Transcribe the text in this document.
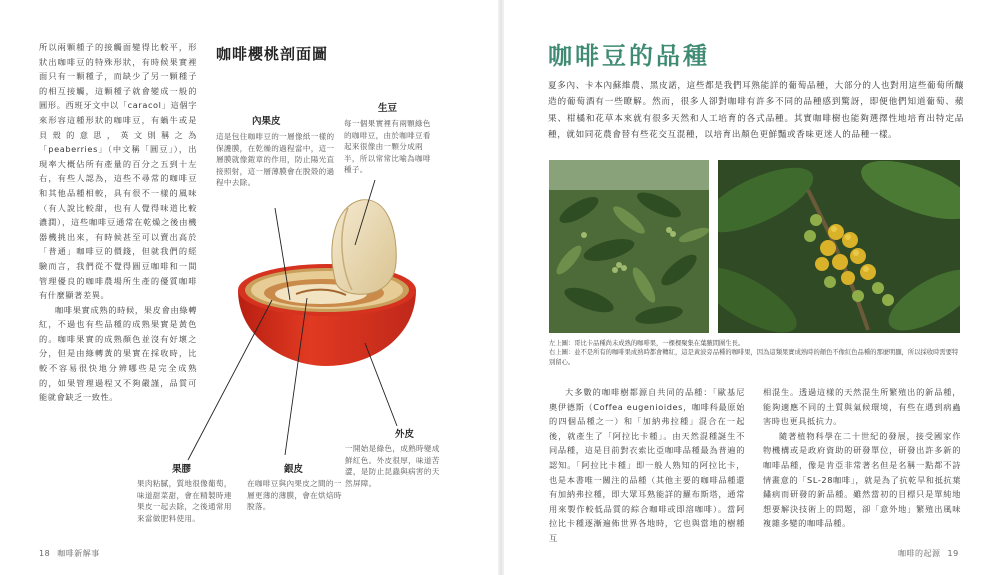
所以兩顆種子的接觸面變得比較平，形狀出咖啡豆的特殊形狀，有時候果實裡面只有一顆種子，而缺少了另一顆種子的相互接觸，這顆種子就會變成一般的圓形。西班牙文中以「caracol」這個字來形容這種形狀的咖啡豆，有蝸牛或是貝殼的意思，英文則稱之為「peaberries」（中文稱「圓豆」），出現率大概佔所有產量的百分之五到十左右，有些人認為，這些不尋常的咖啡豆和其他品種相較，具有很不一樣的風味（有人說比較甜，也有人覺得味道比較濃潤），這些咖啡豆通常在乾燥之後由機器機挑出來，有時候甚至可以賣出高於「普通」咖啡豆的價錢，但就我們的經驗而言，我們從不覺得圓豆咖啡和一間管理優良的咖啡農場所生產的優質咖啡有什麼顯著差異。
咖啡果實成熟的時候，果皮會由綠轉紅，不過也有些品種的成熟果實是黃色的。咖啡果實的成熟顏色並沒有好壞之分，但是由綠轉黃的果實在採收時，比較不容易很快地分辨哪些是完全成熟的，如果管理過程又不夠嚴謹，品質可能就會缺乏一致性。
咖啡櫻桃剖面圖
內果皮
這是包住咖啡豆的一層像紙一樣的保護膜，在乾燥的過程當中，這一層膜就像鎧章的作用，防止陽光直接照射，這一層薄膜會在脫殼的過程中去除。
生豆
每一個果實裡有兩顆綠色的咖啡豆，由於咖啡豆看起來很像由一顆分成兩半，所以常常比喻為咖啡種子。
外皮
一開始是綠色，成熟時變成鮮紅色。外皮很厚，味道苦澀，是防止昆蟲與病害的天然屏障。
果膠
果肉粘膩，質地很像葡萄，味道甜菜甜，會在精製時連果皮一起去除，之後通常用來當做肥料使用。
銀皮
在咖啡豆與內果皮之間的一層更薄的薄膜，會在烘焙時脫落。
18 咖啡新解事
咖啡豆的品種
夏多內、卡本內蘇維農、黑皮諾，這些都是我們耳熟能詳的葡萄品種，大部分的人也對用這些葡萄所釀造的葡萄酒有一些瞭解。然而，很多人卻對咖啡有許多不同的品種感到驚訝，即便他們知道葡萄、蘋果、柑橘和花草本來就有很多天然和人工培育的各式品種。其實咖啡樹也能夠選擇性地培育出特定品種，就如同花農會替有些花交互混種，以培育出顏色更鮮豔或香味更迷人的品種一樣。
左上圖：哥比卡品種尚未成熟的咖啡果，一棵棵聚集在葉腋間圍生長。
右上圖：並不是所有的咖啡果成熟時都會轉紅，這是黃波旁品種的咖啡果，因為這類果實成熟時的顏色不像紅色品種的那麼明顯，所以採收時需要特別留心。
大多數的咖啡樹都源自共同的品種：「歐基尼奧伊德斯（Coffea eugenioides，咖啡科最原始的四個品種之一）和「加納弗拉種」混合在一起後，就產生了「阿拉比卡種」。由天然混種誕生不同品種，這是目前對衣索比亞咖啡品種最為普遍的認知。「阿拉比卡種」即一般人熟知的阿拉比卡，也是本書唯一關注的品種（其他主要的咖啡品種還有加納弗拉種，即大眾耳熟能詳的羅布斯塔，通常用來製作較低品質的綜合咖啡或即溶咖啡）。當阿拉比卡種逐漸遍佈世界各地時，它也與當地的樹種互
相混生。透過這樣的天然混生所繁殖出的新品種，能夠適應不同的土質與氣候環境，有些在遇到病蟲害時也更具抵抗力。
隨著植物科學在二十世紀的發展，接受國家作物機構或是政府資助的研發單位，研發出許多新的咖啡品種，像是肯亞非常著名但是名稱一點都不詩情畫意的「SL-28咖啡」，就是為了抗乾旱和抵抗葉鏽病而研發的新品種。雖然當初的目標只是單純地想要解決技術上的問題，卻「意外地」繁殖出風味複雜多變的咖啡品種。
咖啡的起源 19
